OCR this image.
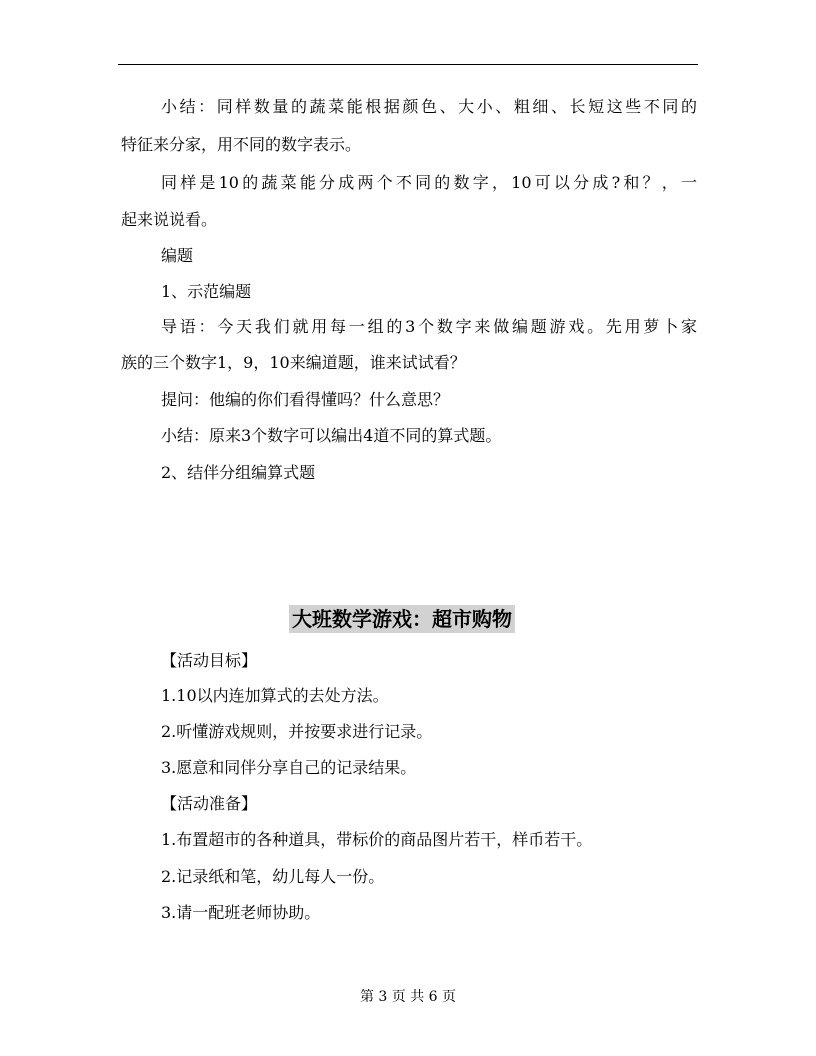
小结：同样数量的蔬菜能根据颜色、大小、粗细、长短这些不同的
特征来分家，用不同的数字表示。
同样是10的蔬菜能分成两个不同的数字，10可以分成?和？，一
起来说说看。
编题
1、示范编题
导语：今天我们就用每一组的3个数字来做编题游戏。先用萝卜家
族的三个数字1，9，10来编道题，谁来试试看？
提问：他编的你们看得懂吗？什么意思？
小结：原来3个数字可以编出4道不同的算式题。
2、结伴分组编算式题
大班数学游戏：超市购物
【活动目标】
1.10以内连加算式的去处方法。
2.听懂游戏规则，并按要求进行记录。
3.愿意和同伴分享自己的记录结果。
【活动准备】
1.布置超市的各种道具，带标价的商品图片若干，样币若干。
2.记录纸和笔，幼儿每人一份。
3.请一配班老师协助。
第 3 页 共 6 页
